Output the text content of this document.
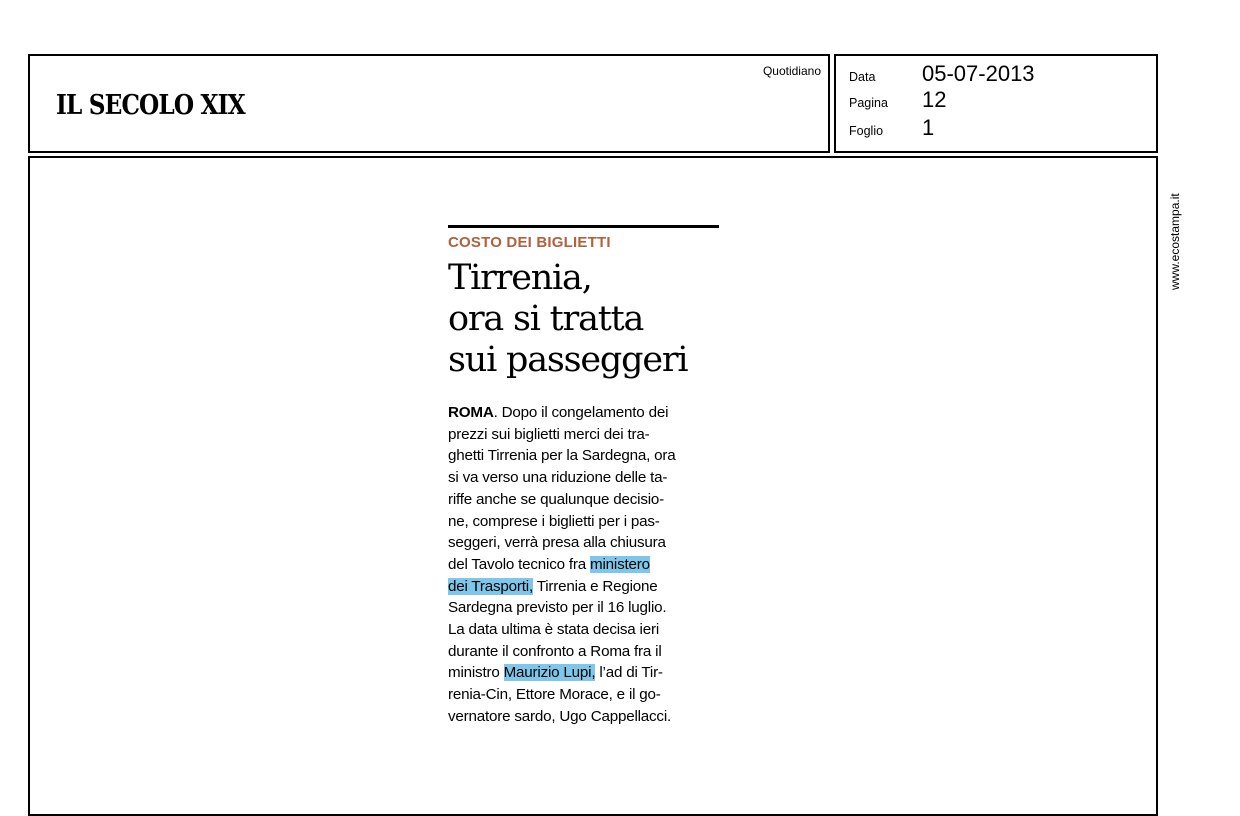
IL SECOLO XIX
Quotidiano Data	05-07-2013
Pagina	12
Foglio	1
www.ecostampa.it
COSTO DEI BIGLIETTI
Tirrenia,
ora si tratta
sui passeggeri
ROMA. Dopo il congelamento dei
prezzi sui biglietti merci dei tra-
ghetti Tirrenia per la Sardegna, ora
si va verso una riduzione delle ta-
riffe anche se qualunque decisio-
ne, comprese i biglietti per i pas-
seggeri, verrà presa alla chiusura
del Tavolo tecnico fra ministero
dei Trasporti, Tirrenia e Regione
Sardegna previsto per il 16 luglio.
La data ultima è stata decisa ieri
durante il confronto a Roma fra il
ministro Maurizio Lupi, l’ad di Tir-
renia-Cin, Ettore Morace, e il go-
vernatore sardo, Ugo Cappellacci.
